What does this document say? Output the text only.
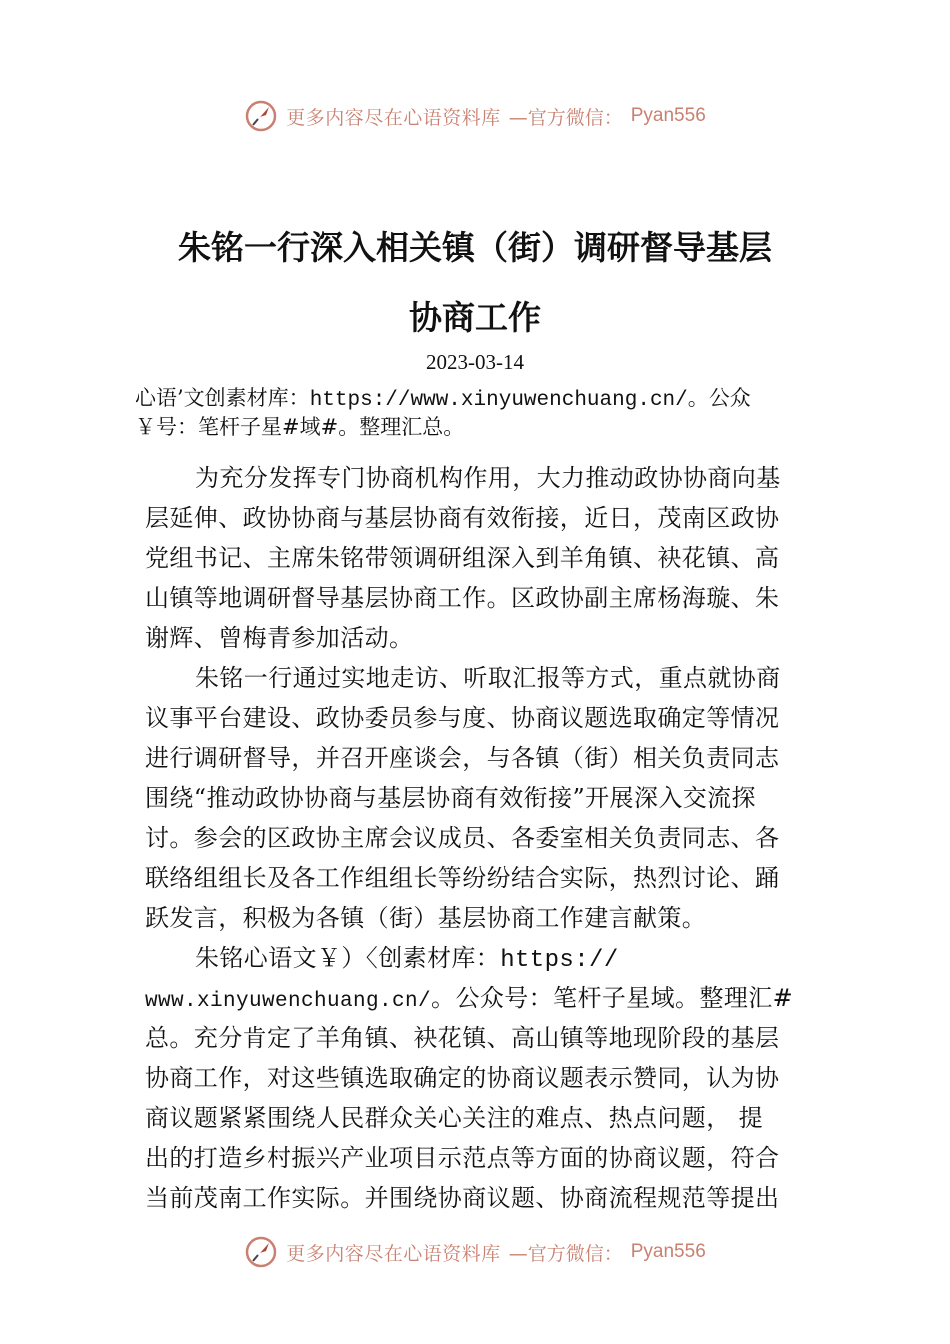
更多内容尽在心语资料库 —官方微信： Pyan556
朱铭一行深入相关镇（街）调研督导基层
协商工作
2023-03-14
心语’文创素材库：https://www.xinyuwenchuang.cn/。公众
￥号：笔杆子星#域#。整理汇总。
为充分发挥专门协商机构作用，大力推动政协协商向基
层延伸、政协协商与基层协商有效衔接，近日，茂南区政协
党组书记、主席朱铭带领调研组深入到羊角镇、袂花镇、高
山镇等地调研督导基层协商工作。区政协副主席杨海璇、朱
谢辉、曾梅青参加活动。
朱铭一行通过实地走访、听取汇报等方式，重点就协商
议事平台建设、政协委员参与度、协商议题选取确定等情况
进行调研督导，并召开座谈会，与各镇（街）相关负责同志
围绕“推动政协协商与基层协商有效衔接”开展深入交流探
讨。参会的区政协主席会议成员、各委室相关负责同志、各
联络组组长及各工作组组长等纷纷结合实际，热烈讨论、踊
跃发言，积极为各镇（街）基层协商工作建言献策。
朱铭心语文￥）〈创素材库：https://
www.xinyuwenchuang.cn/。公众号：笔杆子星域。整理汇#
总。充分肯定了羊角镇、袂花镇、高山镇等地现阶段的基层
协商工作，对这些镇选取确定的协商议题表示赞同，认为协
商议题紧紧围绕人民群众关心关注的难点、热点问题， 提
出的打造乡村振兴产业项目示范点等方面的协商议题，符合
当前茂南工作实际。并围绕协商议题、协商流程规范等提出
更多内容尽在心语资料库 —官方微信： Pyan556
